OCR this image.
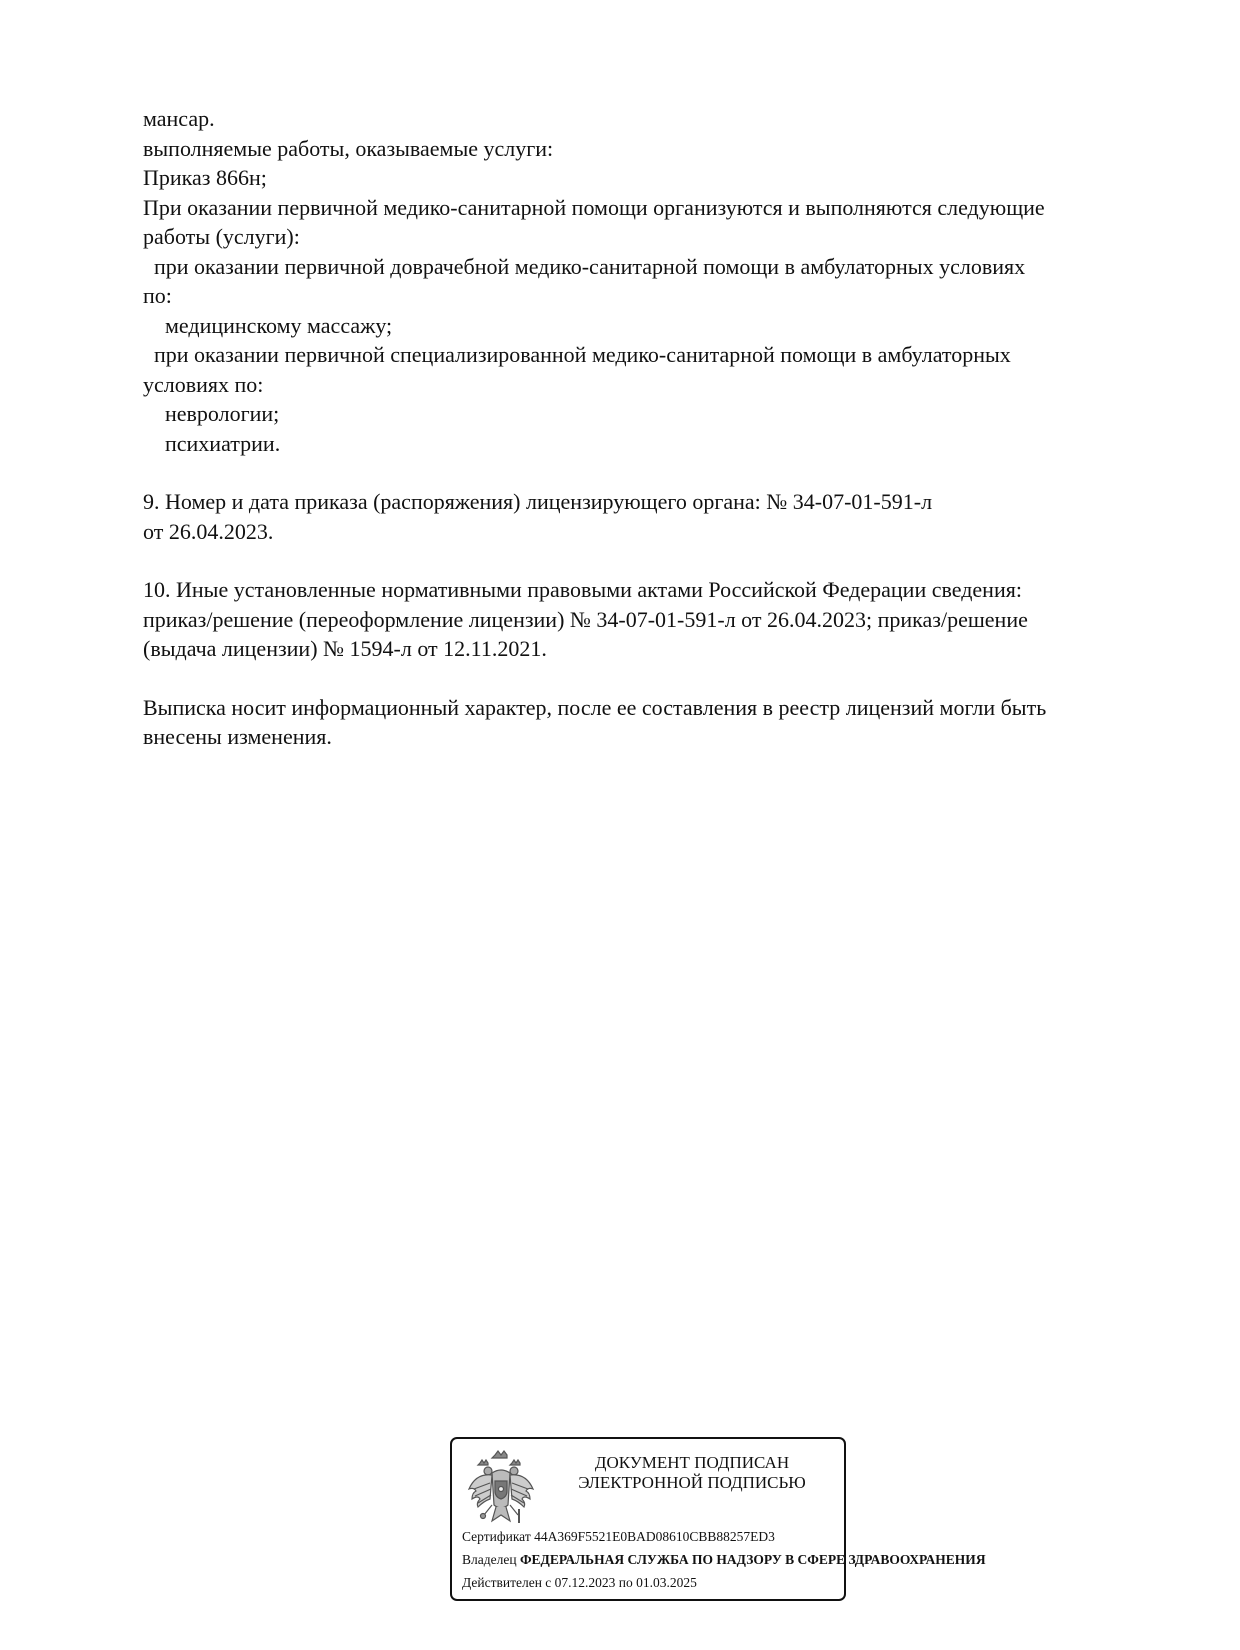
мансар.
выполняемые работы, оказываемые услуги:
Приказ 866н;
При оказании первичной медико-санитарной помощи организуются и выполняются следующие
работы (услуги):
при оказании первичной доврачебной медико-санитарной помощи в амбулаторных условиях
по:
медицинскому массажу;
при оказании первичной специализированной медико-санитарной помощи в амбулаторных
условиях по:
неврологии;
психиатрии.
9. Номер и дата приказа (распоряжения) лицензирующего органа: № 34-07-01-591-л
от 26.04.2023.
10. Иные установленные нормативными правовыми актами Российской Федерации сведения:
приказ/решение (переоформление лицензии) № 34-07-01-591-л от 26.04.2023; приказ/решение
(выдача лицензии) № 1594-л от 12.11.2021.
Выписка носит информационный характер, после ее составления в реестр лицензий могли быть
внесены изменения.
ДОКУМЕНТ ПОДПИСАН
ЭЛЕКТРОННОЙ ПОДПИСЬЮ
Сертификат 44A369F5521E0BAD08610CBB88257ED3
Владелец ФЕДЕРАЛЬНАЯ СЛУЖБА ПО НАДЗОРУ В СФЕРЕ ЗДРАВООХРАНЕНИЯ
Действителен с 07.12.2023 по 01.03.2025
